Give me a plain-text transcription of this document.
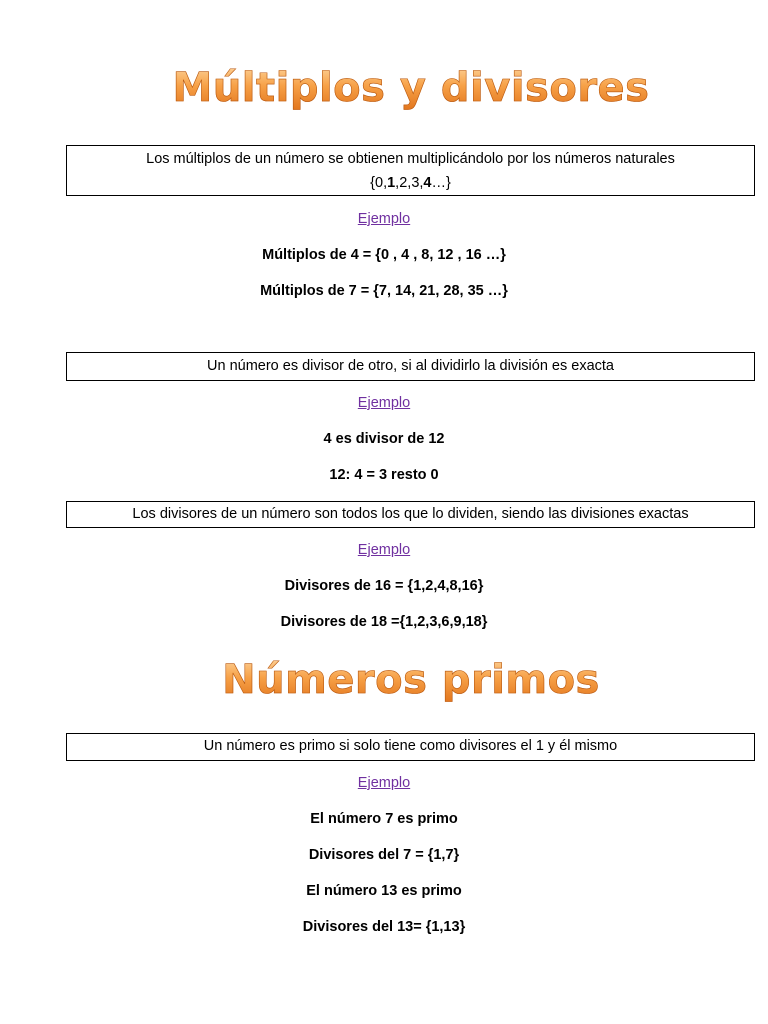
Múltiplos y divisores
Los múltiplos de un número se obtienen multiplicándolo por los números naturales
{0,1,2,3,4…}
Ejemplo
Múltiplos de 4 = {0 , 4 , 8, 12 , 16 …}
Múltiplos de 7 = {7, 14, 21, 28, 35 …}
Un número es divisor de otro, si al dividirlo la división es exacta
Ejemplo
4 es divisor de 12
12: 4 = 3 resto 0
Los divisores de un número son todos los que lo dividen, siendo las divisiones exactas
Ejemplo
Divisores de 16 = {1,2,4,8,16}
Divisores de 18 ={1,2,3,6,9,18}
Números primos
Un número es primo si solo tiene como divisores el 1 y él mismo
Ejemplo
El número 7 es primo
Divisores del 7 = {1,7}
El número 13 es primo
Divisores del 13= {1,13}
